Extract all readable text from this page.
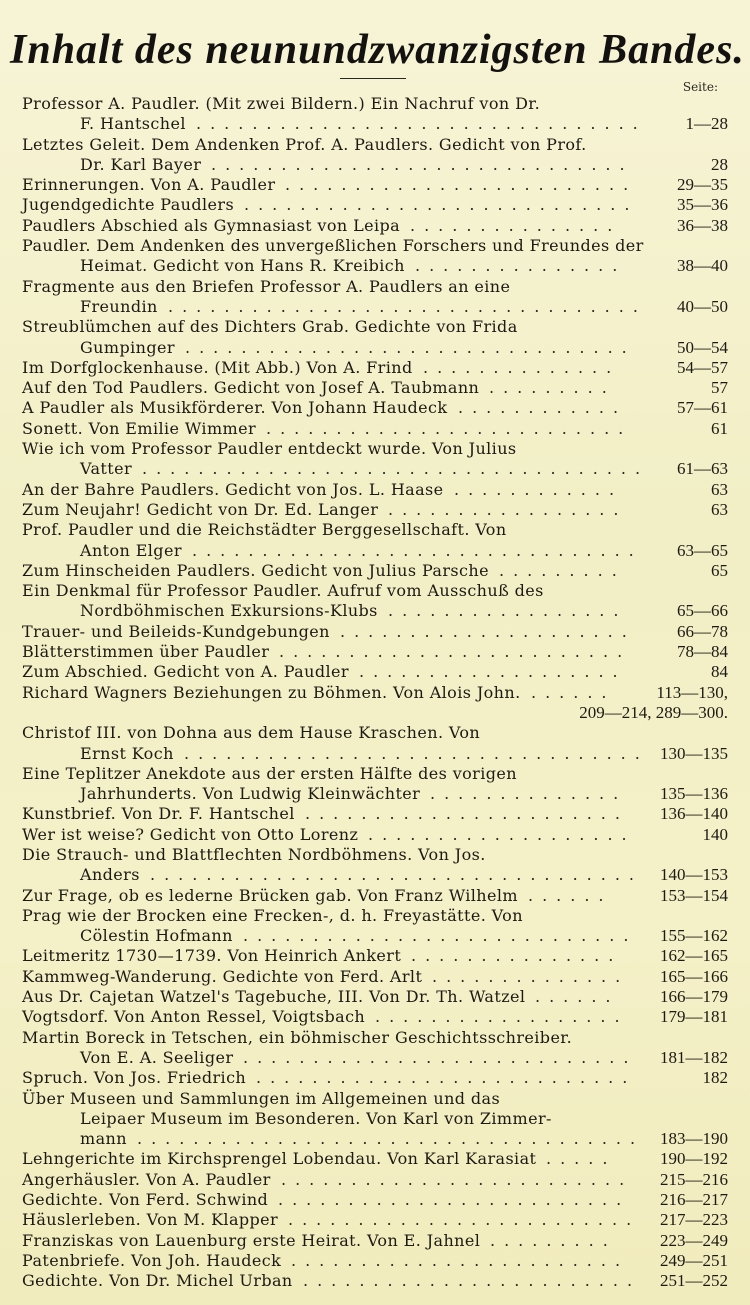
Inhalt des neunundzwanzigsten Bandes.
Seite:
Professor A. Paudler. (Mit zwei Bildern.) Ein Nachruf von Dr.
F. Hantschel ................................	1—28
Letztes Geleit. Dem Andenken Prof. A. Paudlers. Gedicht von Prof.
Dr. Karl Bayer ..............................	28
Erinnerungen. Von A. Paudler .........................	29—35
Jugendgedichte Paudlers ............................	35—36
Paudlers Abschied als Gymnasiast von Leipa ...............	36—38
Paudler. Dem Andenken des unvergeßlichen Forschers und Freundes der
Heimat. Gedicht von Hans R. Kreibich ...............	38—40
Fragmente aus den Briefen Professor A. Paudlers an eine
Freundin ..................................	40—50
Streublümchen auf des Dichters Grab. Gedichte von Frida
Gumpinger ................................	50—54
Im Dorfglockenhause. (Mit Abb.) Von A. Frind ..............	54—57
Auf den Tod Paudlers. Gedicht von Josef A. Taubmann .........	57
A Paudler als Musikförderer. Von Johann Haudeck ............	57—61
Sonett. Von Emilie Wimmer ..........................	61
Wie ich vom Professor Paudler entdeckt wurde. Von Julius
Vatter ....................................	61—63
An der Bahre Paudlers. Gedicht von Jos. L. Haase ............	63
Zum Neujahr! Gedicht von Dr. Ed. Langer .................	63
Prof. Paudler und die Reichstädter Berggesellschaft. Von
Anton Elger ................................	63—65
Zum Hinscheiden Paudlers. Gedicht von Julius Parsche .........	65
Ein Denkmal für Professor Paudler. Aufruf vom Ausschuß des
Nordböhmischen Exkursions-Klubs .................	65—66
Trauer- und Beileids-Kundgebungen .....................	66—78
Blätterstimmen über Paudler .........................	78—84
Zum Abschied. Gedicht von A. Paudler ...................	84
Richard Wagners Beziehungen zu Böhmen. Von Alois John. ......	113—130,
209—214, 289—300.
Christof III. von Dohna aus dem Hause Kraschen. Von
Ernst Koch ................................. 130—135
Eine Teplitzer Anekdote aus der ersten Hälfte des vorigen
Jahrhunderts. Von Ludwig Kleinwächter ..............	135—136
Kunstbrief. Von Dr. F. Hantschel .......................	136—140
Wer ist weise? Gedicht von Otto Lorenz ...................	140
Die Strauch- und Blattflechten Nordböhmens. Von Jos.
Anders ................................... 140—153
Zur Frage, ob es lederne Brücken gab. Von Franz Wilhelm ......	153—154
Prag wie der Brocken eine Frecken-, d. h. Freyastätte. Von
Cölestin Hofmann ............................	155—162
Leitmeritz 1730—1739. Von Heinrich Ankert ...............	162—165
Kammweg-Wanderung. Gedichte von Ferd. Arlt ..............	165—166
Aus Dr. Cajetan Watzel's Tagebuche, III. Von Dr. Th. Watzel ......	166—179
Vogtsdorf. Von Anton Ressel, Voigtsbach ..................	179—181
Martin Boreck in Tetschen, ein böhmischer Geschichtsschreiber.
Von E. A. Seeliger ............................	181—182
Spruch. Von Jos. Friedrich ...........................	182
Über Museen und Sammlungen im Allgemeinen und das
Leipaer Museum im Besonderen. Von Karl von Zimmer-
mann .................................... 183—190
Lehngerichte im Kirchsprengel Lobendau. Von Karl Karasiat .....	190—192
Angerhäusler. Von A. Paudler .........................	215—216
Gedichte. Von Ferd. Schwind .........................	216—217
Häuslerleben. Von M. Klapper .........................	217—223
Franziskas von Lauenburg erste Heirat. Von E. Jahnel .........	223—249
Patenbriefe. Von Joh. Haudeck ........................	249—251
Gedichte. Von Dr. Michel Urban ........................	251—252
